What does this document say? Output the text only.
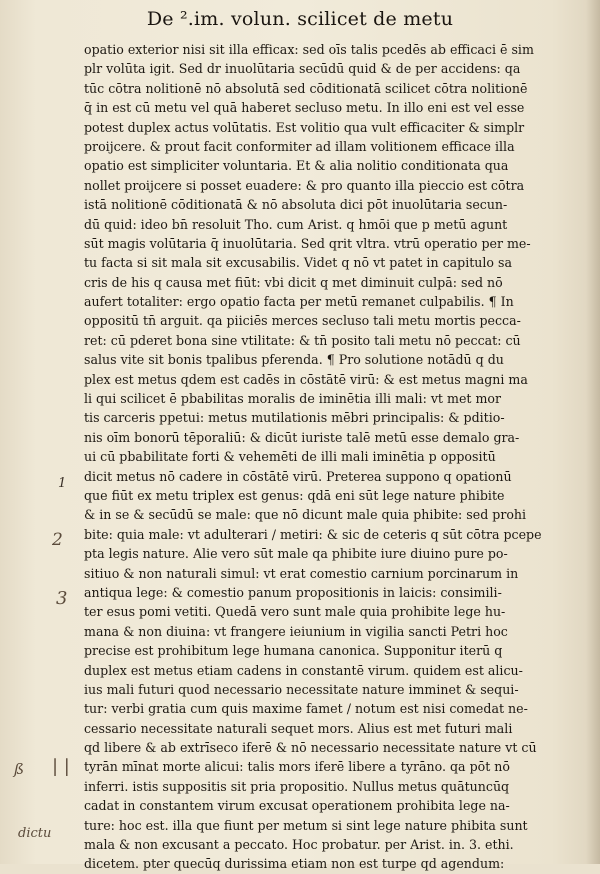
De ².im. volun. scilicet de metu
opatio exterior nisi sit illa efficax: sed oīs talis pcedēs ab efficaci ē sim
plr volūta igit. Sed dr inuolūtaria secūdū quid & de per accidens: qa
tūc cōtra nolitionē nō absolutā sed cōditionatā scilicet cōtra nolitionē
q̄ in est cū metu vel quā haberet secluso metu. In illo eni est vel esse
potest duplex actus volūtatis. Est volitio qua vult efficaciter & simplr
proijcere. & prout facit conformiter ad illam volitionem efficace illa
opatio est simpliciter voluntaria. Et & alia nolitio conditionata qua
nollet proijcere si posset euadere: & pro quanto illa pieccio est cōtra
istā nolitionē cōditionatā & nō absoluta dici pōt inuolūtaria secun-
dū quid: ideo bn̄ resoluit Tho. cum Arist. q hmōi que p metū agunt
sūt magis volūtaria q̄ inuolūtaria. Sed qrit vltra. vtrū operatio per me-
tu facta si sit mala sit excusabilis. Videt q nō vt patet in capitulo sa
cris de his q causa met fiūt: vbi dicit q met diminuit culpā: sed nō
aufert totaliter: ergo opatio facta per metū remanet culpabilis. ¶ In
oppositū tn̄ arguit. qa piiciēs merces secluso tali metu mortis pecca-
ret: cū pderet bona sine vtilitate: & tn̄ posito tali metu nō peccat: cū
salus vite sit bonis tpalibus pferenda. ¶ Pro solutione notādū q du
plex est metus qdem est cadēs in cōstātē virū: & est metus magni ma
li qui scilicet ē pbabilitas moralis de iminētia illi mali: vt met mor
tis carceris ppetui: metus mutilationis mēbri principalis: & pditio-
nis oīm bonorū tēporaliū: & dicūt iuriste talē metū esse demalo gra-
ui cū pbabilitate forti & vehemēti de illi mali iminētia p oppositū
dicit metus nō cadere in cōstātē virū. Preterea suppono q opationū
que fiūt ex metu triplex est genus: qdā eni sūt lege nature phibite
& in se & secūdū se male: que nō dicunt male quia phibite: sed prohi
bite: quia male: vt adulterari / metiri: & sic de ceteris q sūt cōtra pcepe
pta legis nature. Alie vero sūt male qa phibite iure diuino pure po-
sitiuo & non naturali simul: vt erat comestio carnium porcinarum in
antiqua lege: & comestio panum propositionis in laicis: consimili-
ter esus pomi vetiti. Quedā vero sunt male quia prohibite lege hu-
mana & non diuina: vt frangere ieiunium in vigilia sancti Petri hoc
precise est prohibitum lege humana canonica. Supponitur iterū q
duplex est metus etiam cadens in constantē virum. quidem est alicu-
ius mali futuri quod necessario necessitate nature imminet & sequi-
tur: verbi gratia cum quis maxime famet / notum est nisi comedat ne-
cessario necessitate naturali sequet mors. Alius est met futuri mali
qd libere & ab extrīseco iferē & nō necessario necessitate nature vt cū
tyrān mīnat morte alicui: talis mors iferē libere a tyrāno. qa pōt nō
inferri. istis suppositis sit pria propositio. Nullus metus quātuncūq
cadat in constantem virum excusat operationem prohibita lege na-
ture: hoc est. illa que fiunt per metum si sint lege nature phibita sunt
mala & non excusant a peccato. Hoc probatur. per Arist. in. 3. ethi.
dicetem. pter quecūq durissima etiam non est turpe qd agendum:
1
2
3
ß | |
dictu
